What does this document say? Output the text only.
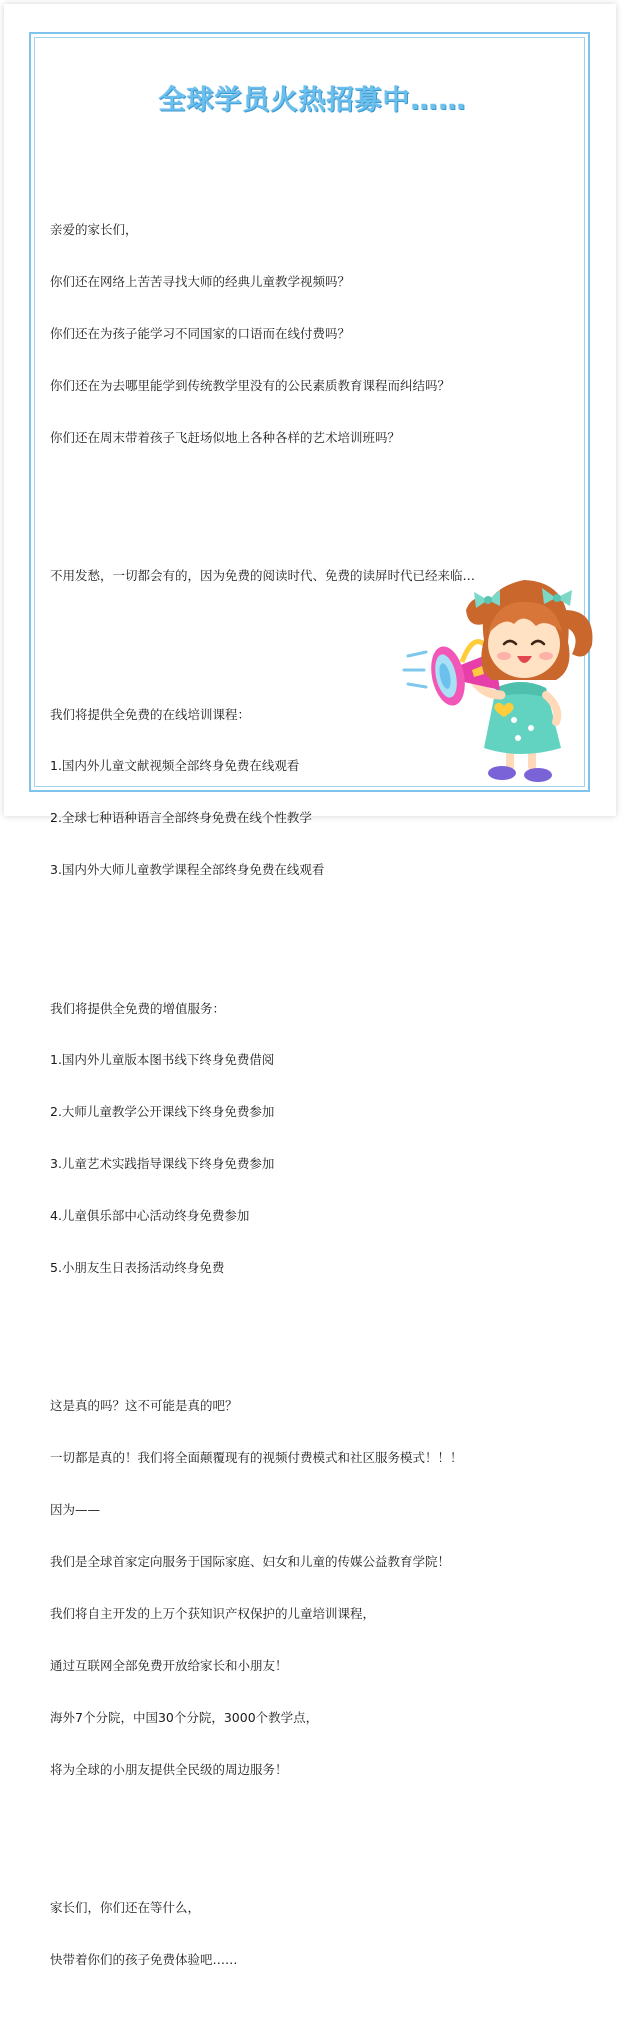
全球学员火热招募中……

亲爱的家长们，

你们还在网络上苦苦寻找大师的经典儿童教学视频吗？

你们还在为孩子能学习不同国家的口语而在线付费吗？

你们还在为去哪里能学到传统教学里没有的公民素质教育课程而纠结吗？

你们还在周末带着孩子飞赶场似地上各种各样的艺术培训班吗？

不用发愁，一切都会有的，因为免费的阅读时代、免费的读屏时代已经来临…

我们将提供全免费的在线培训课程：

1.国内外儿童文献视频全部终身免费在线观看

2.全球七种语种语言全部终身免费在线个性教学

3.国内外大师儿童教学课程全部终身免费在线观看

我们将提供全免费的增值服务：

1.国内外儿童版本图书线下终身免费借阅

2.大师儿童教学公开课线下终身免费参加

3.儿童艺术实践指导课线下终身免费参加

4.儿童俱乐部中心活动终身免费参加

5.小朋友生日表扬活动终身免费

这是真的吗？这不可能是真的吧？

一切都是真的！我们将全面颠覆现有的视频付费模式和社区服务模式！！！

因为——

我们是全球首家定向服务于国际家庭、妇女和儿童的传媒公益教育学院！

我们将自主开发的上万个获知识产权保护的儿童培训课程，

通过互联网全部免费开放给家长和小朋友！

海外7个分院，中国30个分院，3000个教学点，

将为全球的小朋友提供全民级的周边服务！

家长们，你们还在等什么，

快带着你们的孩子免费体验吧……
